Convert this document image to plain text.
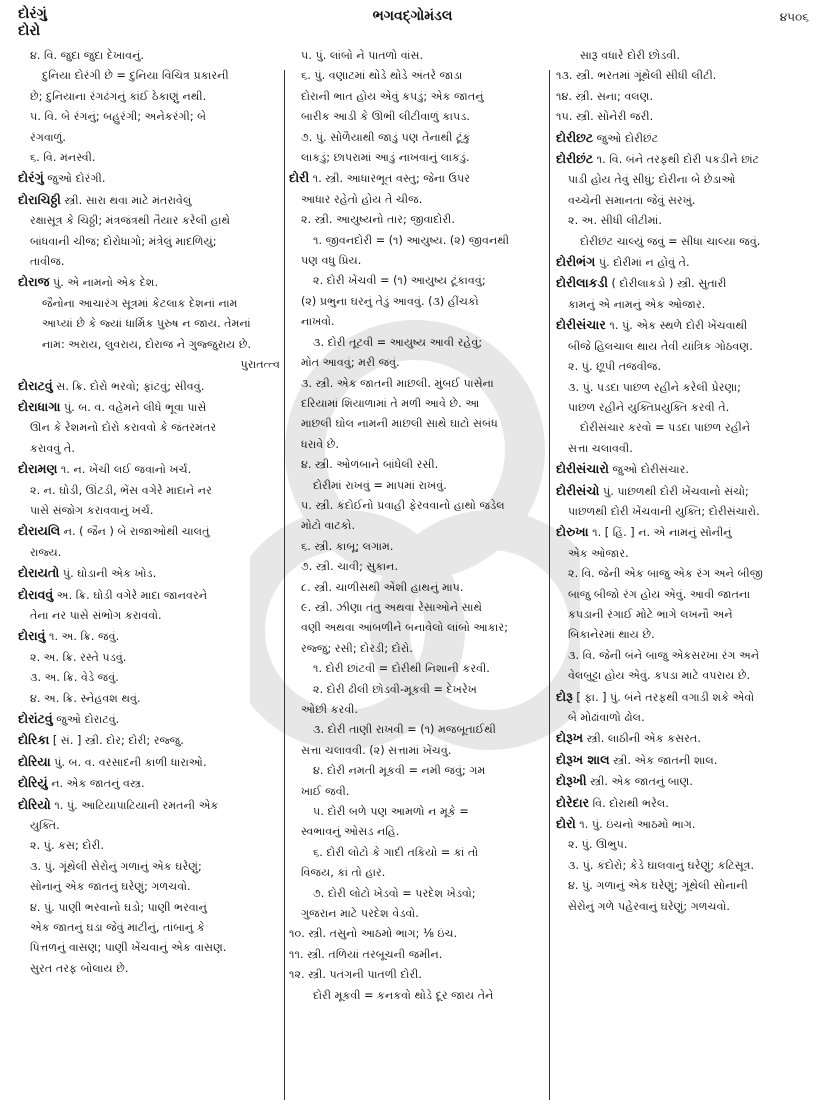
દોરંગું
દોરો
ભગવદ્ગોમંડલ	૪૫૦૬
૪. વિ. જુદા જુદા દેખાવનું.
દુનિયા દોરંગી છે = દુનિયા વિચિત્ર પ્રકારની
છે; દુનિયાના રંગઢંગનું કાંઈ ઠેકાણું નથી.
૫. વિ. બે રંગનું; બહુરંગી; અનેકરંગી; બે
રંગવાળું.
૬. વિ. મનસ્વી.
દોરંગું જુઓ દોરંગી.
દોરાચિઠ્ઠી સ્ત્રી. સારા થવા માટે મંતરાવેલું
રક્ષાસૂત્ર કે ચિઠ્ઠી; મંત્રજંત્રથી તૈયાર કરેલી હાથે
બાંધવાની ચીજ; દોરોધાગો; મંત્રેલું માદળિયું;
તાવીજ.
દોરાજ પું. એ નામનો એક દેશ.
જૈનોના આચારંગ સૂત્રમાં કેટલાક દેશનાં નામ
આપ્યાં છે કે જ્યાં ધાર્મિક પુરુષ ન જાય. તેમનાં
નામ: અરાય, લુવરાય, દોરાજ ને ગુજ્જુરાય છે.
પુરાતત્ત્વ
દોરાટવું સ. ક્રિ. દોરો ભરવો; ફાંટવું; સીવવું.
દોરાધાગા પું. બ. વ. વહેમને લીધે ભૂવા પાસે
ઊન કે રેશમનો દોરો કરાવવો કે જંતરમંતર
કરાવવું તે.
દોરામણ ૧. ન. ખેંચી લઈ જવાનો ખર્ચ.
૨. ન. ઘોડી, ઊંટડી, ભેંસ વગેરે માદાને નર
પાસે સંજોગ કરાવવાનું ખર્ચ.
દોરાયલિ ન. ( જૈન ) બે રાજાઓથી ચાલતું
રાજ્ય.
દોરાયતો પું. ઘોડાની એક ખોડ.
દોરાવવું અ. ક્રિ. ઘોડી વગેરે માદા જાનવરને
તેના નર પાસે સંભોગ કરાવવો.
દોરાવું ૧. અ. ક્રિ. જવું.
૨. અ. ક્રિ. રસ્તે પડવું.
૩. અ. ક્રિ. વેડે જવું.
૪. અ. ક્રિ. સ્નેહવશ થવું.
દોરાંટવું જુઓ દોરાટવું.
દોરિકા [ સં. ] સ્ત્રી. દોર; દોરી; રજ્જુ.
દોરિયા પું. બ. વ. વરસાદની કાળી ધારાઓ.
દોરિયું ન. એક જાતનું વસ્ત્ર.
દોરિયો ૧. પું. આટિયાપાટિયાની રમતની એક
યુક્તિ.
૨. પું. કસ; દોરી.
૩. પું. ગૂંથેલી સેરોનું ગળાનું એક ઘરેણું;
સોનાનું એક જાતનું ઘરેણું; ગળચવો.
૪. પું. પાણી ભરવાનો ઘડો; પાણી ભરવાનું
એક જાતનું ઘડા જેવું માટીનું, તાંબાનું કે
પિત્તળનું વાસણ; પાણી ખેંચવાનું એક વાસણ.
સુરત તરફ બોલાય છે.
૫. પું. લાંબો ને પાતળો વાંસ.
૬. પું. વણાટમાં થોડે થોડે અંતરે જાડા
દોરાની ભાત હોય એવું કપડું; એક જાતનું
બારીક આડી કે ઊભી લીટીવાળું કાપડ.
૭. પું. સોળૈયાથી જાડું પણ તેનાથી ટૂંકું
લાકડું; છાપરામાં આડું નાખવાનું લાકડું.
દોરી ૧. સ્ત્રી. આધારભૂત વસ્તુ; જેના ઉપર
આધાર રહેતો હોય તે ચીજ.
૨. સ્ત્રી. આયુષ્યનો તાર; જીવાદોરી.
૧. જીવનદોરી = (૧) આયુષ્ય. (૨) જીવનથી
પણ વધુ પ્રિય.
૨. દોરી ખેંચવી = (૧) આયુષ્ય ટૂંકાવવું;
(૨) પ્રભુના ઘરનું તેડું આવવું. (૩) હીંચકો
નાખવો.
૩. દોરી તૂટવી = આયુષ્ય આવી રહેવું;
મોત આવવું; મરી જવું.
૩. સ્ત્રી. એક જાતની માછલી. મુંબઈ પાસેના
દરિયામાં શિયાળામાં તે મળી આવે છે. આ
માછલી ઘોલ નામની માછલી સાથે ઘાટો સંબંધ
ધરાવે છે.
૪. સ્ત્રી. ઓળંબાને બાંધેલી રસી.
દોરીમાં રાખવું = માપમાં રાખવું.
૫. સ્ત્રી. કંદોઈનો પ્રવાહી ફેરવવાનો હાથો જડેલ
મોટો વાટકો.
૬. સ્ત્રી. કાબૂ; લગામ.
૭. સ્ત્રી. ચાવી; સુકાન.
૮. સ્ત્રી. ચાળીસથી એંશી હાથનું માપ.
૯. સ્ત્રી. ઝીણા તંતુ અથવા રેસાઓને સાથે
વણી અથવા આંબળીને બનાવેલો લાંબો આકાર;
રજ્જુ; રસી; દોરડી; દોરો.
૧. દોરી છાંટવી = દોરીથી નિશાની કરવી.
૨. દોરી ઢીલી છોડવી-મૂકવી = દેખરેખ
ઓછી કરવી.
૩. દોરી તાણી રાખવી = (૧) મજબૂતાઈથી
સત્તા ચલાવવી. (૨) સત્તામાં ખેંચવું.
૪. દોરી નમતી મૂકવી = નમી જવું; ગમ
ખાઈ જવી.
૫. દોરી બળે પણ આમળો ન મૂકે =
સ્વભાવનું ઓસડ નહિ.
૬. દોરી લોટો કે ગાદી તકિયો = કાં તો
વિજય, કાં તો હાર.
૭. દોરી લોટો ખેડવો = પરદેશ ખેડવો;
ગુજરાન માટે પરદેશ વેડવો.
૧૦. સ્ત્રી. તસુનો આઠમો ભાગ; ⅛ ઇંચ.
૧૧. સ્ત્રી. તળિયાં તરબૂચની જમીન.
૧૨. સ્ત્રી. પતંગની પાતળી દોરી.
દોરી મૂકવી = કનકવો થોડે દૂર જાય તેને
સારૂ વધારે દોરી છોડવી.
૧૩. સ્ત્રી. ભરતમાં ગૂંથેલી સીધી લીટી.
૧૪. સ્ત્રી. સના; વલણ.
૧૫. સ્ત્રી. સોનેરી જરી.
દોરીછટ જુઓ દોરીછંટ
દોરીછંટ ૧. વિ. બંને તરફથી દોરી પકડીને છાંટ
પાડી હોય તેવું સીધું; દોરીના બે છેડાઓ
વચ્ચેની સમાનતા જેવું સરખું.
૨. અ. સીધી લીટીમાં.
દોરીછંટ ચાલ્યું જવું = સીધા ચાલ્યા જવું.
દોરીભંગ પું. દોરીમાં ન હોવું તે.
દોરીલાકડી ( દોરીલાકડો ) સ્ત્રી. સુતારી
કામનું એ નામનું એક ઓજાર.
દોરીસંચાર ૧. પું. એક સ્થળે દોરી ખેંચવાથી
બીજે હિલચાલ થાય તેવી યાંત્રિક ગોઠવણ.
૨. પું. છૂપી તજવીજ.
૩. પું. પડદા પાછળ રહીને કરેલી પ્રેરણા;
પાછળ રહીને યુક્તિપ્રયુક્તિ કરવી તે.
દોરીસંચાર કરવો = પડદા પાછળ રહીને
સત્તા ચલાવવી.
દોરીસંચારો જુઓ દોરીસંચાર.
દોરીસંચો પું. પાછળથી દોરી ખેંચવાનો સંચો;
પાછળથી દોરી ખેંચવાની યુક્તિ; દોરીસંચારો.
દોરુખા ૧. [ હિં. ] ન. એ નામનું સોનીનું
એક ઓજાર.
૨. વિ. જેની એક બાજુ એક રંગ અને બીજી
બાજુ બીજો રંગ હોય એવું. આવી જાતના
કપડાની રંગાઈ મોટે ભાગે લખનૌ અને
બિકાનેરમાં થાય છે.
૩. વિ. જેની બંને બાજુ એકસરખા રંગ અને
વેલબુટ્ટા હોય એવું. કપડા માટે વપરાય છે.
દોરૂ [ ફા. ] પું. બંને તરફથી વગાડી શકે એવો
બે મોઢાંવાળો ઢોલ.
દોરૂખ સ્ત્રી. લાઠીની એક કસરત.
દોરૂખ શાલ સ્ત્રી. એક જાતની શાલ.
દોરૂખી સ્ત્રી. એક જાતનું બાણ.
દોરેદાર વિ. દોરાથી ભરેલ.
દોરો ૧. પું. ઇંચનો આઠમો ભાગ.
૨. પું. ઊભુપ.
૩. પું. કંદોરો; કેડે ઘાલવાનું ઘરેણું; કટિસૂત્ર.
૪. પું. ગળાનું એક ઘરેણું; ગૂંથેલી સોનાની
સેરોનું ગળે પહેરવાનું ઘરેણું; ગળચવો.
